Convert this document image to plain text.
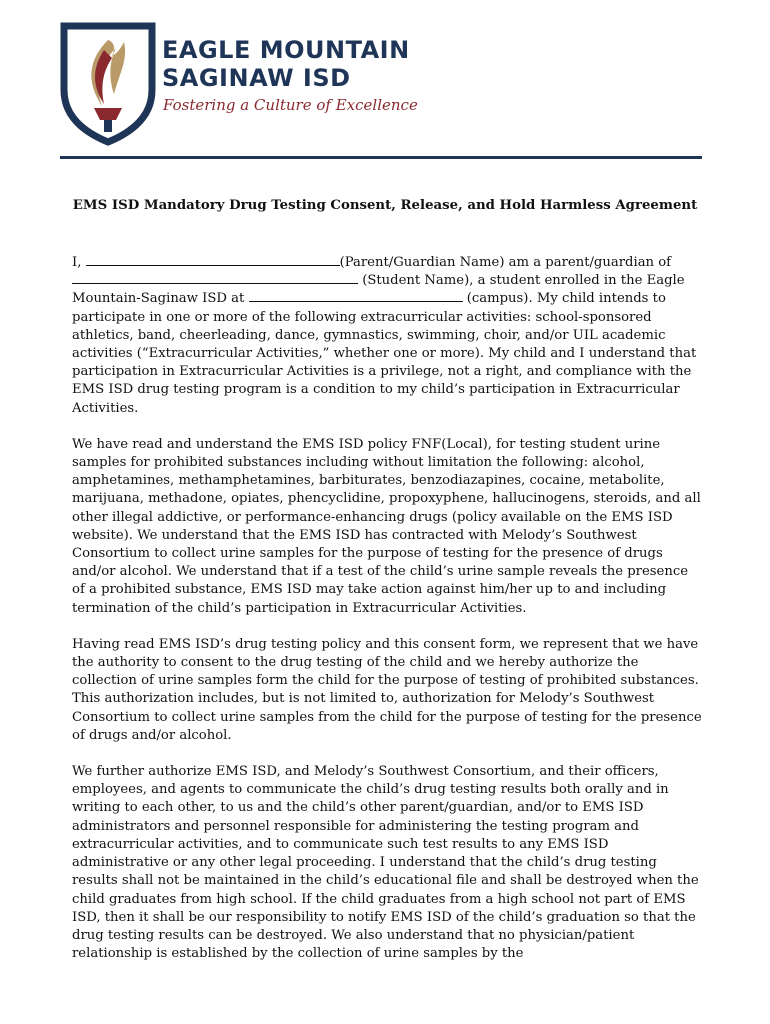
EAGLE MOUNTAIN
SAGINAW ISD
Fostering a Culture of Excellence
EMS ISD Mandatory Drug Testing Consent, Release, and Hold Harmless Agreement

I,	(Parent/Guardian Name) am a parent/guardian of
(Student Name), a student enrolled in the Eagle
Mountain-Saginaw ISD at	(campus). My child intends to participate in one or more of the following extracurricular activities: school-sponsored athletics, band, cheerleading, dance, gymnastics, swimming, choir, and/or UIL academic activities (“Extracurricular Activities,” whether one or more). My child and I understand that participation in Extracurricular Activities is a privilege, not a right, and compliance with the EMS ISD drug testing program is a condition to my child’s participation in Extracurricular Activities.

We have read and understand the EMS ISD policy FNF(Local), for testing student urine samples for prohibited substances including without limitation the following: alcohol, amphetamines, methamphetamines, barbiturates, benzodiazapines, cocaine, metabolite, marijuana, methadone, opiates, phencyclidine, propoxyphene, hallucinogens, steroids, and all other illegal addictive, or performance-enhancing drugs (policy available on the EMS ISD website). We understand that the EMS ISD has contracted with Melody’s Southwest Consortium to collect urine samples for the purpose of testing for the presence of drugs and/or alcohol. We understand that if a test of the child’s urine sample reveals the presence of a prohibited substance, EMS ISD may take action against him/her up to and including termination of the child’s participation in Extracurricular Activities.

Having read EMS ISD’s drug testing policy and this consent form, we represent that we have the authority to consent to the drug testing of the child and we hereby authorize the collection of urine samples form the child for the purpose of testing of prohibited substances. This authorization includes, but is not limited to, authorization for Melody’s Southwest Consortium to collect urine samples from the child for the purpose of testing for the presence of drugs and/or alcohol.

We further authorize EMS ISD, and Melody’s Southwest Consortium, and their officers, employees, and agents to communicate the child’s drug testing results both orally and in writing to each other, to us and the child’s other parent/guardian, and/or to EMS ISD administrators and personnel responsible for administering the testing program and extracurricular activities, and to communicate such test results to any EMS ISD administrative or any other legal proceeding. I understand that the child’s drug testing results shall not be maintained in the child’s educational file and shall be destroyed when the child graduates from high school. If the child graduates from a high school not part of EMS ISD, then it shall be our responsibility to notify EMS ISD of the child’s graduation so that the drug testing results can be destroyed. We also understand that no physician/patient relationship is established by the collection of urine samples by the
